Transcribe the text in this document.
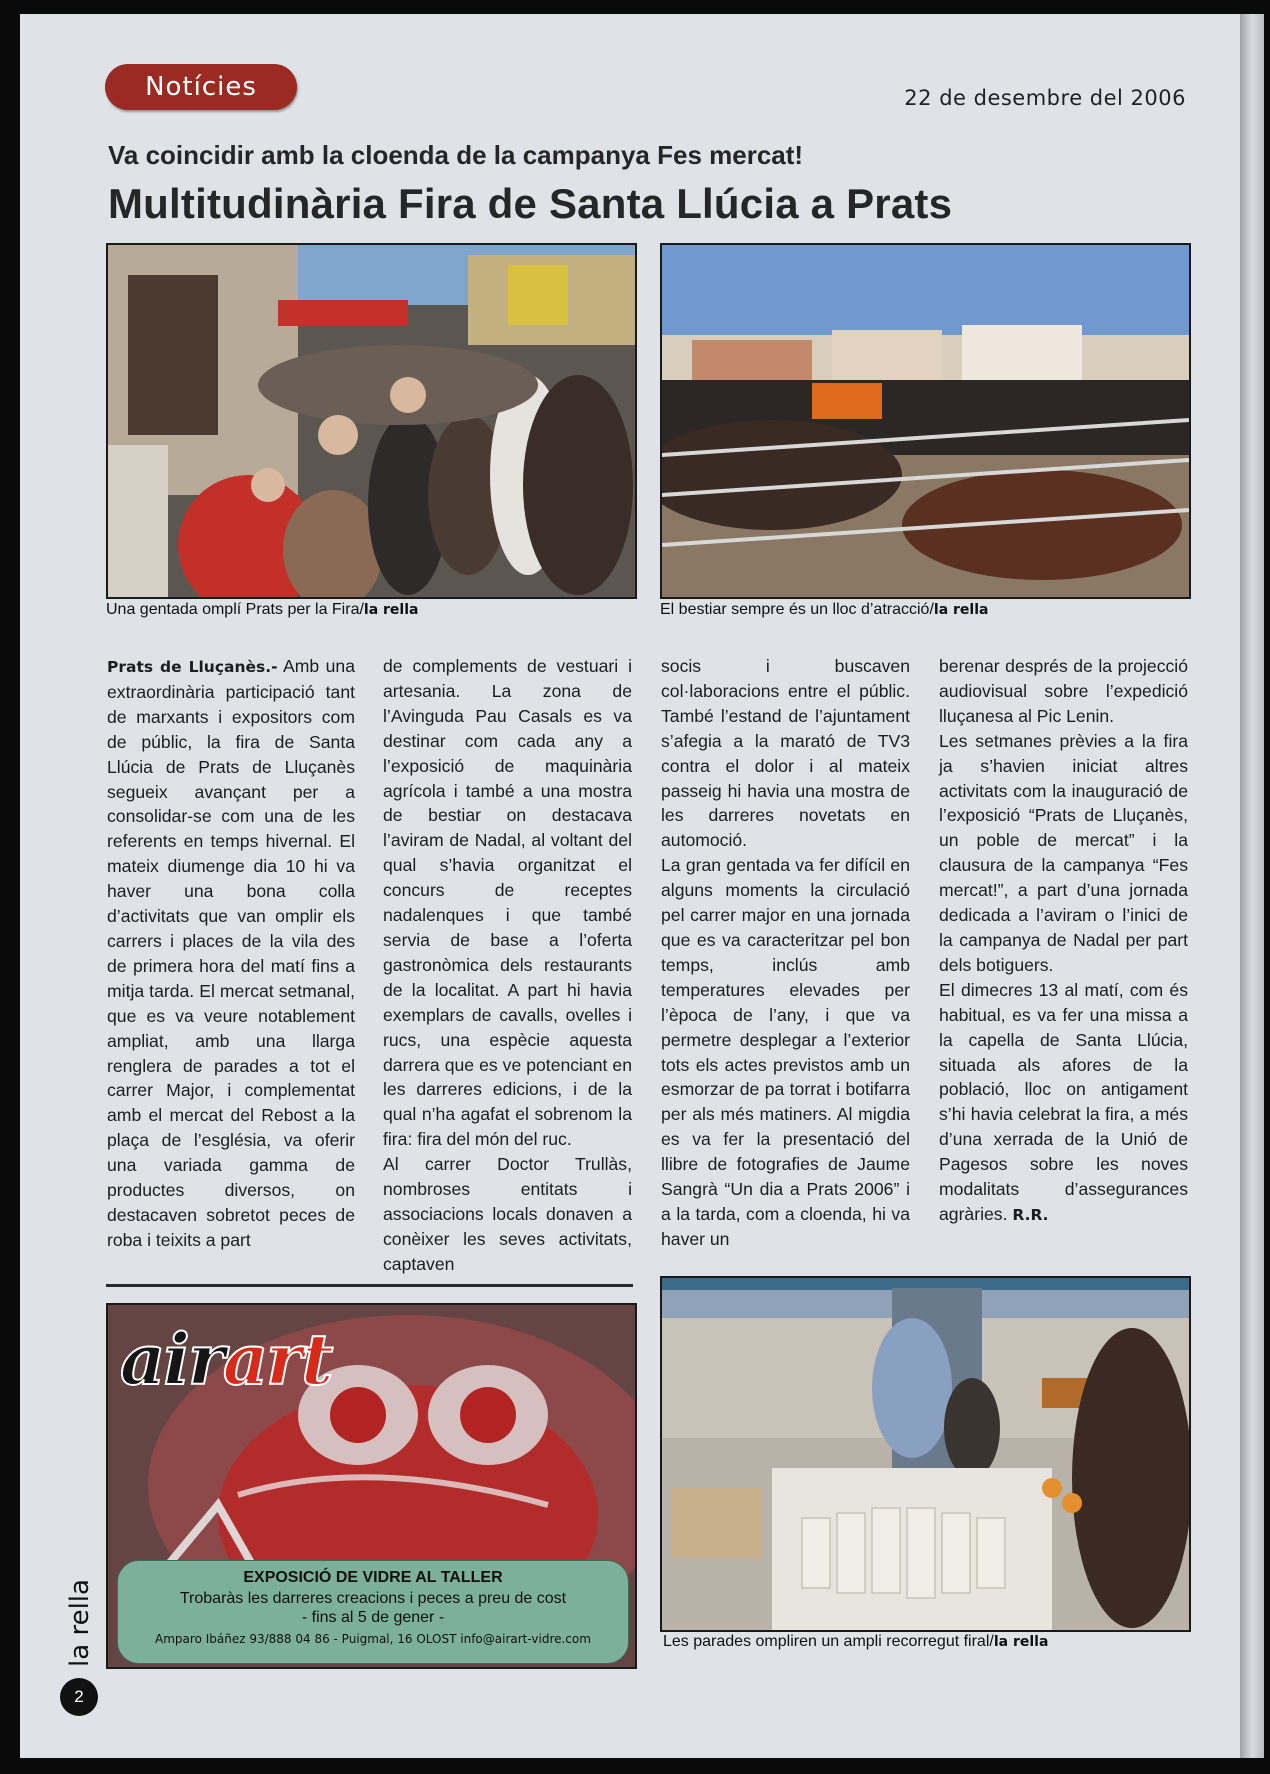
Notícies	22 de desembre del 2006
Va coincidir amb la cloenda de la campanya Fes mercat!
Multitudinària Fira de Santa Llúcia a Prats
Una gentada omplí Prats per la Fira/la rella	El bestiar sempre és un lloc d’atracció/la rella

Prats de Lluçanès.- Amb una extraordinària participació tant de marxants i expositors com de públic, la fira de Santa Llúcia de Prats de Lluçanès segueix avançant per a consolidar-se com una de les referents en temps hivernal. El mateix diumenge dia 10 hi va haver una bona colla d’activitats que van omplir els carrers i places de la vila des de primera hora del matí fins a mitja tarda. El mercat setmanal, que es va veure notablement ampliat, amb una llarga renglera de parades a tot el carrer Major, i complementat amb el mercat del Rebost a la plaça de l’església, va oferir una variada gamma de productes diversos, on destacaven sobretot peces de roba i teixits a part

de complements de vestuari i artesania. La zona de l’Avinguda Pau Casals es va destinar com cada any a l’exposició de maquinària agrícola i també a una mostra de bestiar on destacava l’aviram de Nadal, al voltant del qual s’havia organitzat el concurs de receptes nadalenques i que també servia de base a l’oferta gastronòmica dels restaurants de la localitat. A part hi havia exemplars de cavalls, ovelles i rucs, una espècie aquesta darrera que es ve potenciant en les darreres edicions, i de la qual n’ha agafat el sobrenom la fira: fira del món del ruc.

Al carrer Doctor Trullàs, nombroses entitats i associacions locals donaven a conèixer les seves activitats, captaven

socis i buscaven col·laboracions entre el públic. També l’estand de l’ajuntament s’afegia a la marató de TV3 contra el dolor i al mateix passeig hi havia una mostra de les darreres novetats en automoció.

La gran gentada va fer difícil en alguns moments la circulació pel carrer major en una jornada que es va caracteritzar pel bon temps, inclús amb temperatures elevades per l’època de l’any, i que va permetre desplegar a l’exterior tots els actes previstos amb un esmorzar de pa torrat i botifarra per als més matiners. Al migdia es va fer la presentació del llibre de fotografies de Jaume Sangrà “Un dia a Prats 2006” i a la tarda, com a cloenda, hi va haver un

berenar després de la projecció audiovisual sobre l’expedició lluçanesa al Pic Lenin.

Les setmanes prèvies a la fira ja s’havien iniciat altres activitats com la inauguració de l’exposició “Prats de Lluçanès, un poble de mercat” i la clausura de la campanya “Fes mercat!”, a part d’una jornada dedicada a l’aviram o l’inici de la campanya de Nadal per part dels botiguers.

El dimecres 13 al matí, com és habitual, es va fer una missa a la capella de Santa Llúcia, situada als afores de la població, lloc on antigament s’hi havia celebrat la fira, a més d’una xerrada de la Unió de Pagesos sobre les noves modalitats d’assegurances agràries. R.R.

airart
EXPOSICIÓ DE VIDRE AL TALLER
Trobaràs les darreres creacions i peces a preu de cost
- fins al 5 de gener -
Amparo Ibáñez 93/888 04 86 - Puigmal, 16 OLOST info@airart-vidre.com	Les parades ompliren un ampli recorregut firal/la rella
la rella
2
